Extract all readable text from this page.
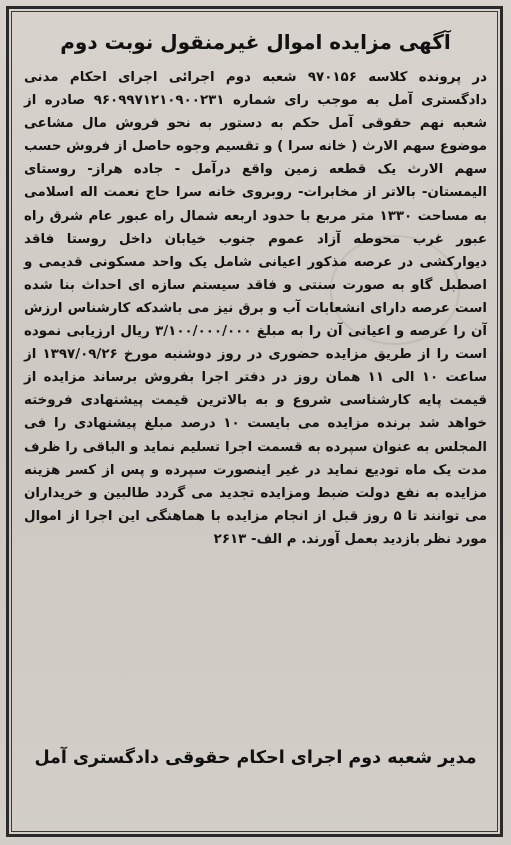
آگهی مزایده اموال غیرمنقول نوبت دوم
در پرونده کلاسه ۹۷۰۱۵۶ شعبه دوم اجرائی اجرای احکام مدنی دادگستری آمل به موجب رای شماره ۹۶۰۹۹۷۱۲۱۰۹۰۰۲۳۱ صادره از شعبه نهم حقوقی آمل حکم به دستور به نحو فروش مال مشاعی موضوع سهم الارث ( خانه سرا ) و تقسیم وجوه حاصل از فروش حسب سهم الارث یک قطعه زمین واقع درآمل - جاده هراز- روستای الیمستان- بالاتر از مخابرات- روبروی خانه سرا حاج نعمت اله اسلامی به مساحت ۱۳۳۰ متر مربع با حدود اربعه شمال راه عبور عام شرق راه عبور غرب محوطه آزاد عموم جنوب خیابان داخل روستا فاقد دیوارکشی در عرصه مذکور اعیانی شامل یک واحد مسکونی قدیمی و اصطبل گاو به صورت سنتی و فاقد سیستم سازه ای احداث بنا شده است عرصه دارای انشعابات آب و برق نیز می باشدکه کارشناس ارزش آن را عرصه و اعیانی آن را به مبلغ ۳/۱۰۰/۰۰۰/۰۰۰ ریال ارزیابی نموده است را از طریق مزایده حضوری در روز دوشنبه مورخ ۱۳۹۷/۰۹/۲۶ از ساعت ۱۰ الی ۱۱ همان روز در دفتر اجرا بفروش برساند مزایده از قیمت پایه کارشناسی شروع و به بالاترین قیمت پیشنهادی فروخته خواهد شد برنده مزایده می بایست ۱۰ درصد مبلغ پیشنهادی را فی المجلس به عنوان سپرده به قسمت اجرا تسلیم نماید و الباقی را ظرف مدت یک ماه تودیع نماید در غیر اینصورت سپرده و پس از کسر هزینه مزایده به نفع دولت ضبط ومزایده تجدید می گردد طالبین و خریداران می توانند تا ۵ روز قبل از انجام مزایده با هماهنگی این اجرا از اموال مورد نظر بازدید بعمل آورند. م الف- ۲۶۱۳
مدیر شعبه دوم اجرای احکام حقوقی دادگستری آمل
